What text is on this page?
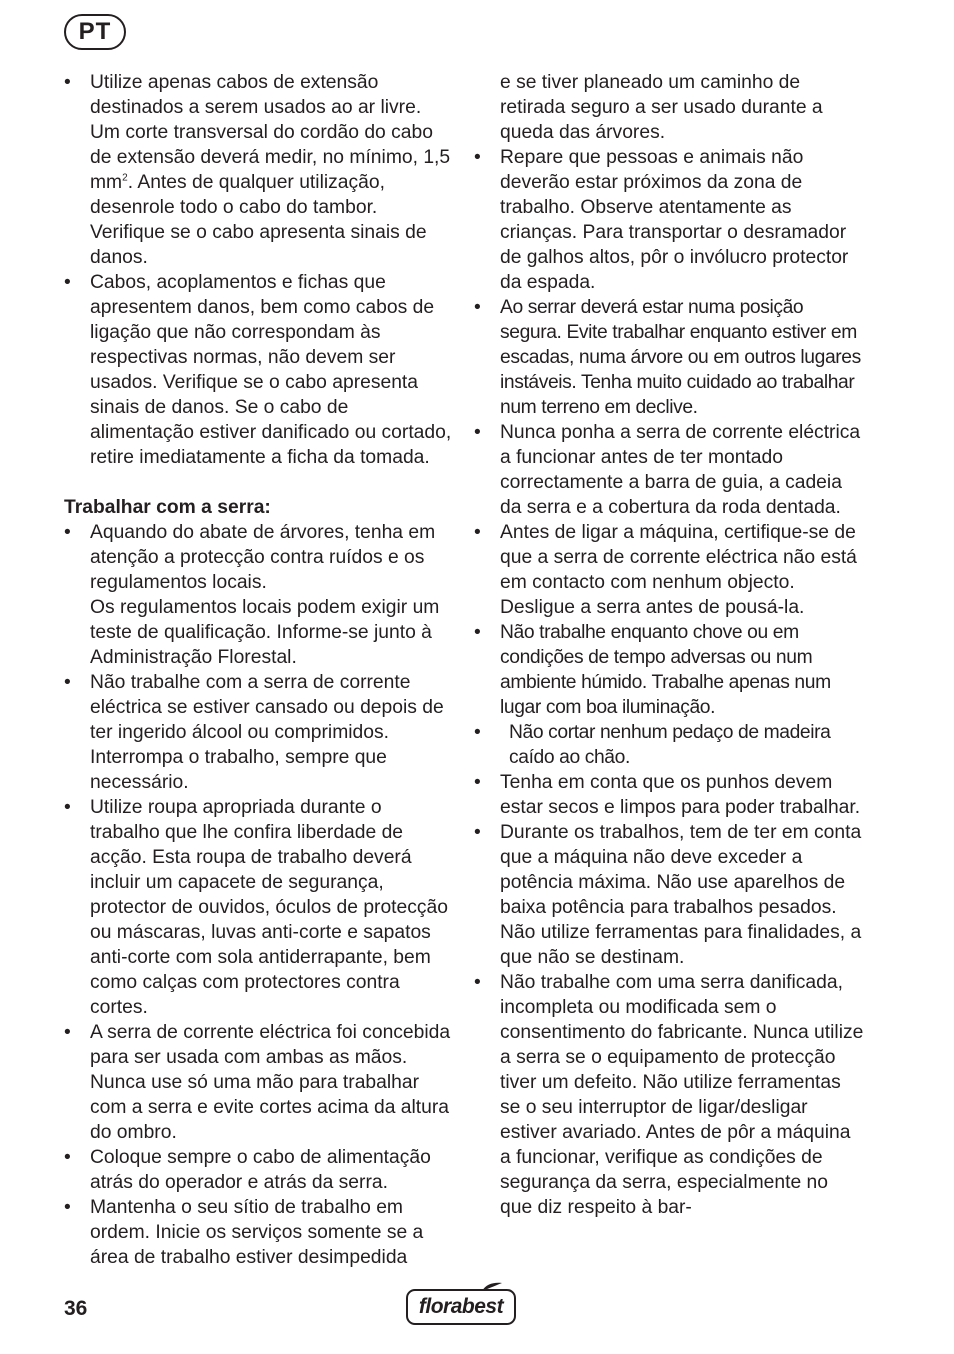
PT
• Utilize apenas cabos de extensão destinados a serem usados ao ar livre. Um corte transversal do cordão do cabo de extensão deverá medir, no mínimo, 1,5 $mm^2$. Antes de qualquer utilização, desenrole todo o cabo do tambor. Verifique se o cabo apresenta sinais de danos.
• Cabos, acoplamentos e fichas que apresentem danos, bem como cabos de ligação que não correspondam às respectivas normas, não devem ser usados. Verifique se o cabo apresenta sinais de danos. Se o cabo de alimentação estiver danificado ou cortado, retire imediatamente a ficha da tomada.
Trabalhar com a serra:
• Aquando do abate de árvores, tenha em atenção a protecção contra ruídos e os regulamentos locais.
Os regulamentos locais podem exigir um teste de qualificação. Informe-se junto à Administração Florestal.
• Não trabalhe com a serra de corrente eléctrica se estiver cansado ou depois de ter ingerido álcool ou comprimidos. Interrompa o trabalho, sempre que necessário.
• Utilize roupa apropriada durante o trabalho que lhe confira liberdade de acção. Esta roupa de trabalho deverá incluir um capacete de segurança, protector de ouvidos, óculos de protecção ou máscaras, luvas anti-corte e sapatos anti-corte com sola antiderrapante, bem como calças com protectores contra cortes.
• A serra de corrente eléctrica foi concebida para ser usada com ambas as mãos. Nunca use só uma mão para trabalhar com a serra e evite cortes acima da altura do ombro.
• Coloque sempre o cabo de alimentação atrás do operador e atrás da serra.
• Mantenha o seu sítio de trabalho em ordem. Inicie os serviços somente se a área de trabalho estiver desimpedida
e se tiver planeado um caminho de retirada seguro a ser usado durante a queda das árvores.
• Repare que pessoas e animais não deverão estar próximos da zona de trabalho. Observe atentamente as crianças. Para transportar o desramador de galhos altos, pôr o invólucro protector da espada.
• Ao serrar deverá estar numa posição segura. Evite trabalhar enquanto estiver em escadas, numa árvore ou em outros lugares instáveis. Tenha muito cuidado ao trabalhar num terreno em declive.
• Nunca ponha a serra de corrente eléctrica a funcionar antes de ter montado correctamente a barra de guia, a cadeia da serra e a cobertura da roda dentada.
• Antes de ligar a máquina, certifique-se de que a serra de corrente eléctrica não está em contacto com nenhum objecto. Desligue a serra antes de pousá-la.
• Não trabalhe enquanto chove ou em condições de tempo adversas ou num ambiente húmido. Trabalhe apenas num lugar com boa iluminação.
• Não cortar nenhum pedaço de madeira caído ao chão.
• Tenha em conta que os punhos devem estar secos e limpos para poder trabalhar.
• Durante os trabalhos, tem de ter em conta que a máquina não deve exceder a potência máxima. Não use aparelhos de baixa potência para trabalhos pesados. Não utilize ferramentas para finalidades, a que não se destinam.
• Não trabalhe com uma serra danificada, incompleta ou modificada sem o consentimento do fabricante. Nunca utilize a serra se o equipamento de protecção tiver um defeito. Não utilize ferramentas se o seu interruptor de ligar/desligar estiver avariado. Antes de pôr a máquina a funcionar, verifique as condições de segurança da serra, especialmente no que diz respeito à bar-
36	florabest
